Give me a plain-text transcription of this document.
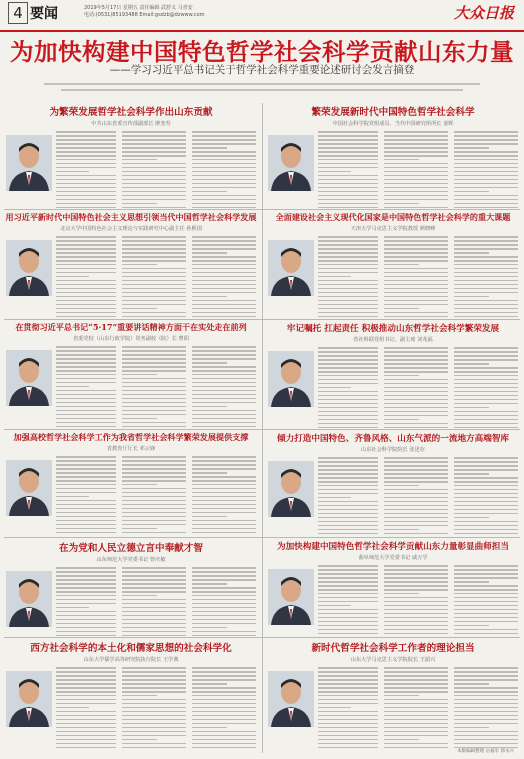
4 要闻	2019年5月17日 星期五 责任编辑 武舒义 马青安
电话:(0531)85193488 Email:gsdzb@dzwww.com	大众日报
为加快构建中国特色哲学社会科学贡献山东力量
——学习习近平总书记关于哲学社会科学重要论述研讨会发言摘登
为繁荣发展哲学社会科学作出山东贡献
中共山东省委宣传部副部长 廖奎寿
繁荣发展新时代中国特色哲学社会科学
中国社会科学院党组成员、当代中国研究所所长 姜辉
用习近平新时代中国特色社会主义思想引领当代中国哲学社会科学发展
北京大学中国特色社会主义理论与实践研究中心副主任 孙熙国
全面建设社会主义现代化国家是中国特色哲学社会科学的重大课题
天津大学马克思主义学院教授 颜晓峰
在贯彻习近平总书记“5·17”重要讲话精神方面干在实处走在前列
省委党校（山东行政学院）常务副校（院）长 曹阳
牢记嘱托 扛起责任 积极推动山东哲学社会科学繁荣发展
省社科联党组书记、副主席 刘兆福
加强高校哲学社会科学工作为我省哲学社会科学繁荣发展提供支撑
省教育厅厅长 邓云锋
倾力打造中国特色、齐鲁风格、山东气派的一流地方高端智库
山东社会科学院院长 张述存
在为党和人民立德立言中奉献才智
山东师范大学党委书记 曾庆敏
为加快构建中国特色哲学社会科学贡献山东力量彰显曲师担当
曲阜师范大学党委书记 戚万学
西方社会科学的本土化和儒家思想的社会科学化
山东大学儒学高等研究院执行院长 王学典
新时代哲学社会科学工作者的理论担当
山东大学马克思主义学院院长 王韶兴
本版编辑整理 岳福军 郭永兴
